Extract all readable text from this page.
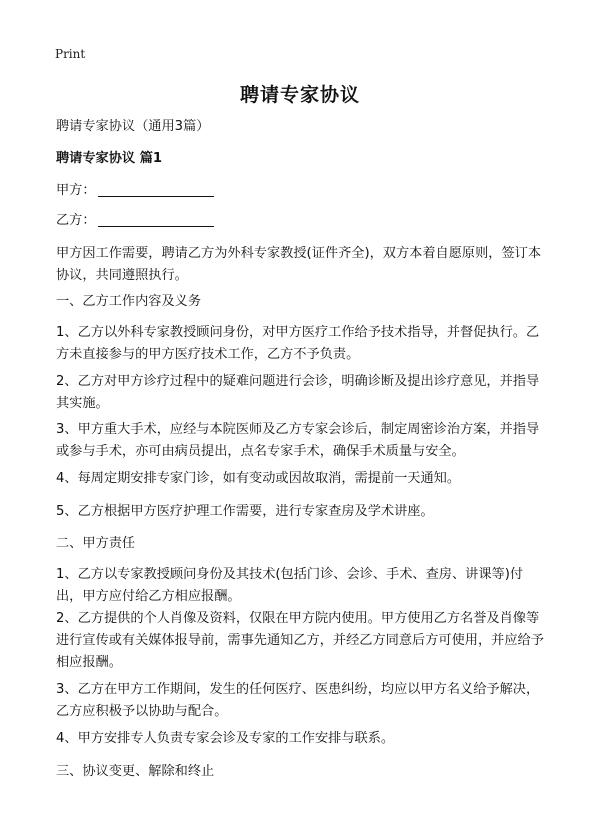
Print
聘请专家协议
聘请专家协议（通用3篇）
聘请专家协议 篇1
甲方：
乙方：
甲方因工作需要，聘请乙方为外科专家教授(证件齐全)，双方本着自愿原则，签订本协议，共同遵照执行。
一、乙方工作内容及义务
1、乙方以外科专家教授顾问身份，对甲方医疗工作给予技术指导，并督促执行。乙方未直接参与的甲方医疗技术工作，乙方不予负责。
2、乙方对甲方诊疗过程中的疑难问题进行会诊，明确诊断及提出诊疗意见，并指导其实施。
3、甲方重大手术，应经与本院医师及乙方专家会诊后，制定周密诊治方案，并指导或参与手术，亦可由病员提出，点名专家手术，确保手术质量与安全。
4、每周定期安排专家门诊，如有变动或因故取消，需提前一天通知。
5、乙方根据甲方医疗护理工作需要，进行专家查房及学术讲座。
二、甲方责任
1、乙方以专家教授顾问身份及其技术(包括门诊、会诊、手术、查房、讲课等)付出，甲方应付给乙方相应报酬。
2、乙方提供的个人肖像及资料，仅限在甲方院内使用。甲方使用乙方名誉及肖像等进行宣传或有关媒体报导前，需事先通知乙方，并经乙方同意后方可使用，并应给予相应报酬。
3、乙方在甲方工作期间，发生的任何医疗、医患纠纷，均应以甲方名义给予解决，乙方应积极予以协助与配合。
4、甲方安排专人负责专家会诊及专家的工作安排与联系。
三、协议变更、解除和终止
